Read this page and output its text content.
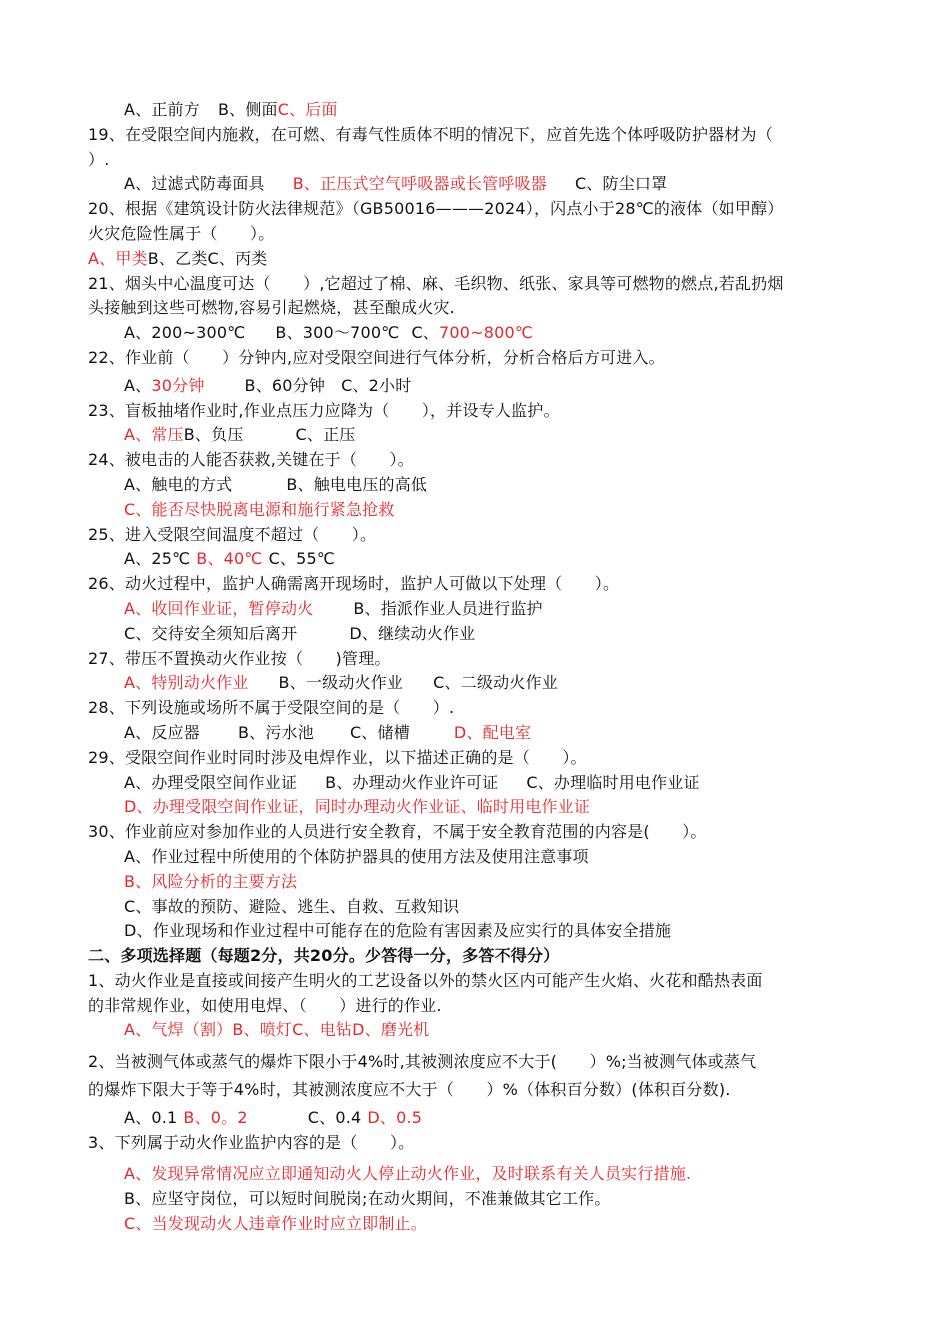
A、正前方 B、侧面C、后面
19、在受限空间内施救，在可燃、有毒气性质体不明的情况下，应首先选个体呼吸防护器材为（
）.
A、过滤式防毒面具 B、正压式空气呼吸器或长管呼吸器 C、防尘口罩
20、根据《建筑设计防火法律规范》（GB50016———2024），闪点小于28℃的液体（如甲醇）
火灾危险性属于（　　）。
A、甲类B、乙类C、丙类
21、烟头中心温度可达（　　）,它超过了棉、麻、毛织物、纸张、家具等可燃物的燃点,若乱扔烟
头接触到这些可燃物,容易引起燃烧，甚至酿成火灾.
A、200~300℃ B、300～700℃ C、700~800℃
22、作业前（　　）分钟内,应对受限空间进行气体分析，分析合格后方可进入。
A、30分钟	B、60分钟 C、2小时
23、盲板抽堵作业时,作业点压力应降为（　　），并设专人监护。
A、常压B、负压	C、正压
24、被电击的人能否获救,关键在于（　　）。
A、触电的方式	B、触电电压的高低
C、能否尽快脱离电源和施行紧急抢救
25、进入受限空间温度不超过（　　）。
A、25℃ B、40℃ C、55℃
26、动火过程中，监护人确需离开现场时，监护人可做以下处理（　　）。
A、收回作业证，暂停动火	B、指派作业人员进行监护
C、交待安全须知后离开	D、继续动火作业
27、带压不置换动火作业按（　　)管理。
A、特别动火作业 B、一级动火作业 C、二级动火作业
28、下列设施或场所不属于受限空间的是（　　）.
A、反应器 B、污水池 C、储槽	D、配电室
29、受限空间作业时同时涉及电焊作业，以下描述正确的是（　　）。
A、办理受限空间作业证 B、办理动火作业许可证 C、办理临时用电作业证
D、办理受限空间作业证，同时办理动火作业证、临时用电作业证
30、作业前应对参加作业的人员进行安全教育，不属于安全教育范围的内容是(　　）。
A、作业过程中所使用的个体防护器具的使用方法及使用注意事项
B、风险分析的主要方法
C、事故的预防、避险、逃生、自救、互救知识
D、作业现场和作业过程中可能存在的危险有害因素及应实行的具体安全措施
二、多项选择题（每题2分，共20分。少答得一分，多答不得分）
1、动火作业是直接或间接产生明火的工艺设备以外的禁火区内可能产生火焰、火花和酷热表面
的非常规作业，如使用电焊、（　　）进行的作业.
A、气焊（割）B、喷灯C、电钻D、磨光机
2、当被测气体或蒸气的爆炸下限小于4%时,其被测浓度应不大于(　　）%;当被测气体或蒸气
的爆炸下限大于等于4%时，其被测浓度应不大于（　　）%（体积百分数）(体积百分数).
A、0.1 B、0。2	C、0.4 D、0.5
3、下列属于动火作业监护内容的是（　　）。
A、发现异常情况应立即通知动火人停止动火作业，及时联系有关人员实行措施.
B、应坚守岗位，可以短时间脱岗;在动火期间，不准兼做其它工作。
C、当发现动火人违章作业时应立即制止。
